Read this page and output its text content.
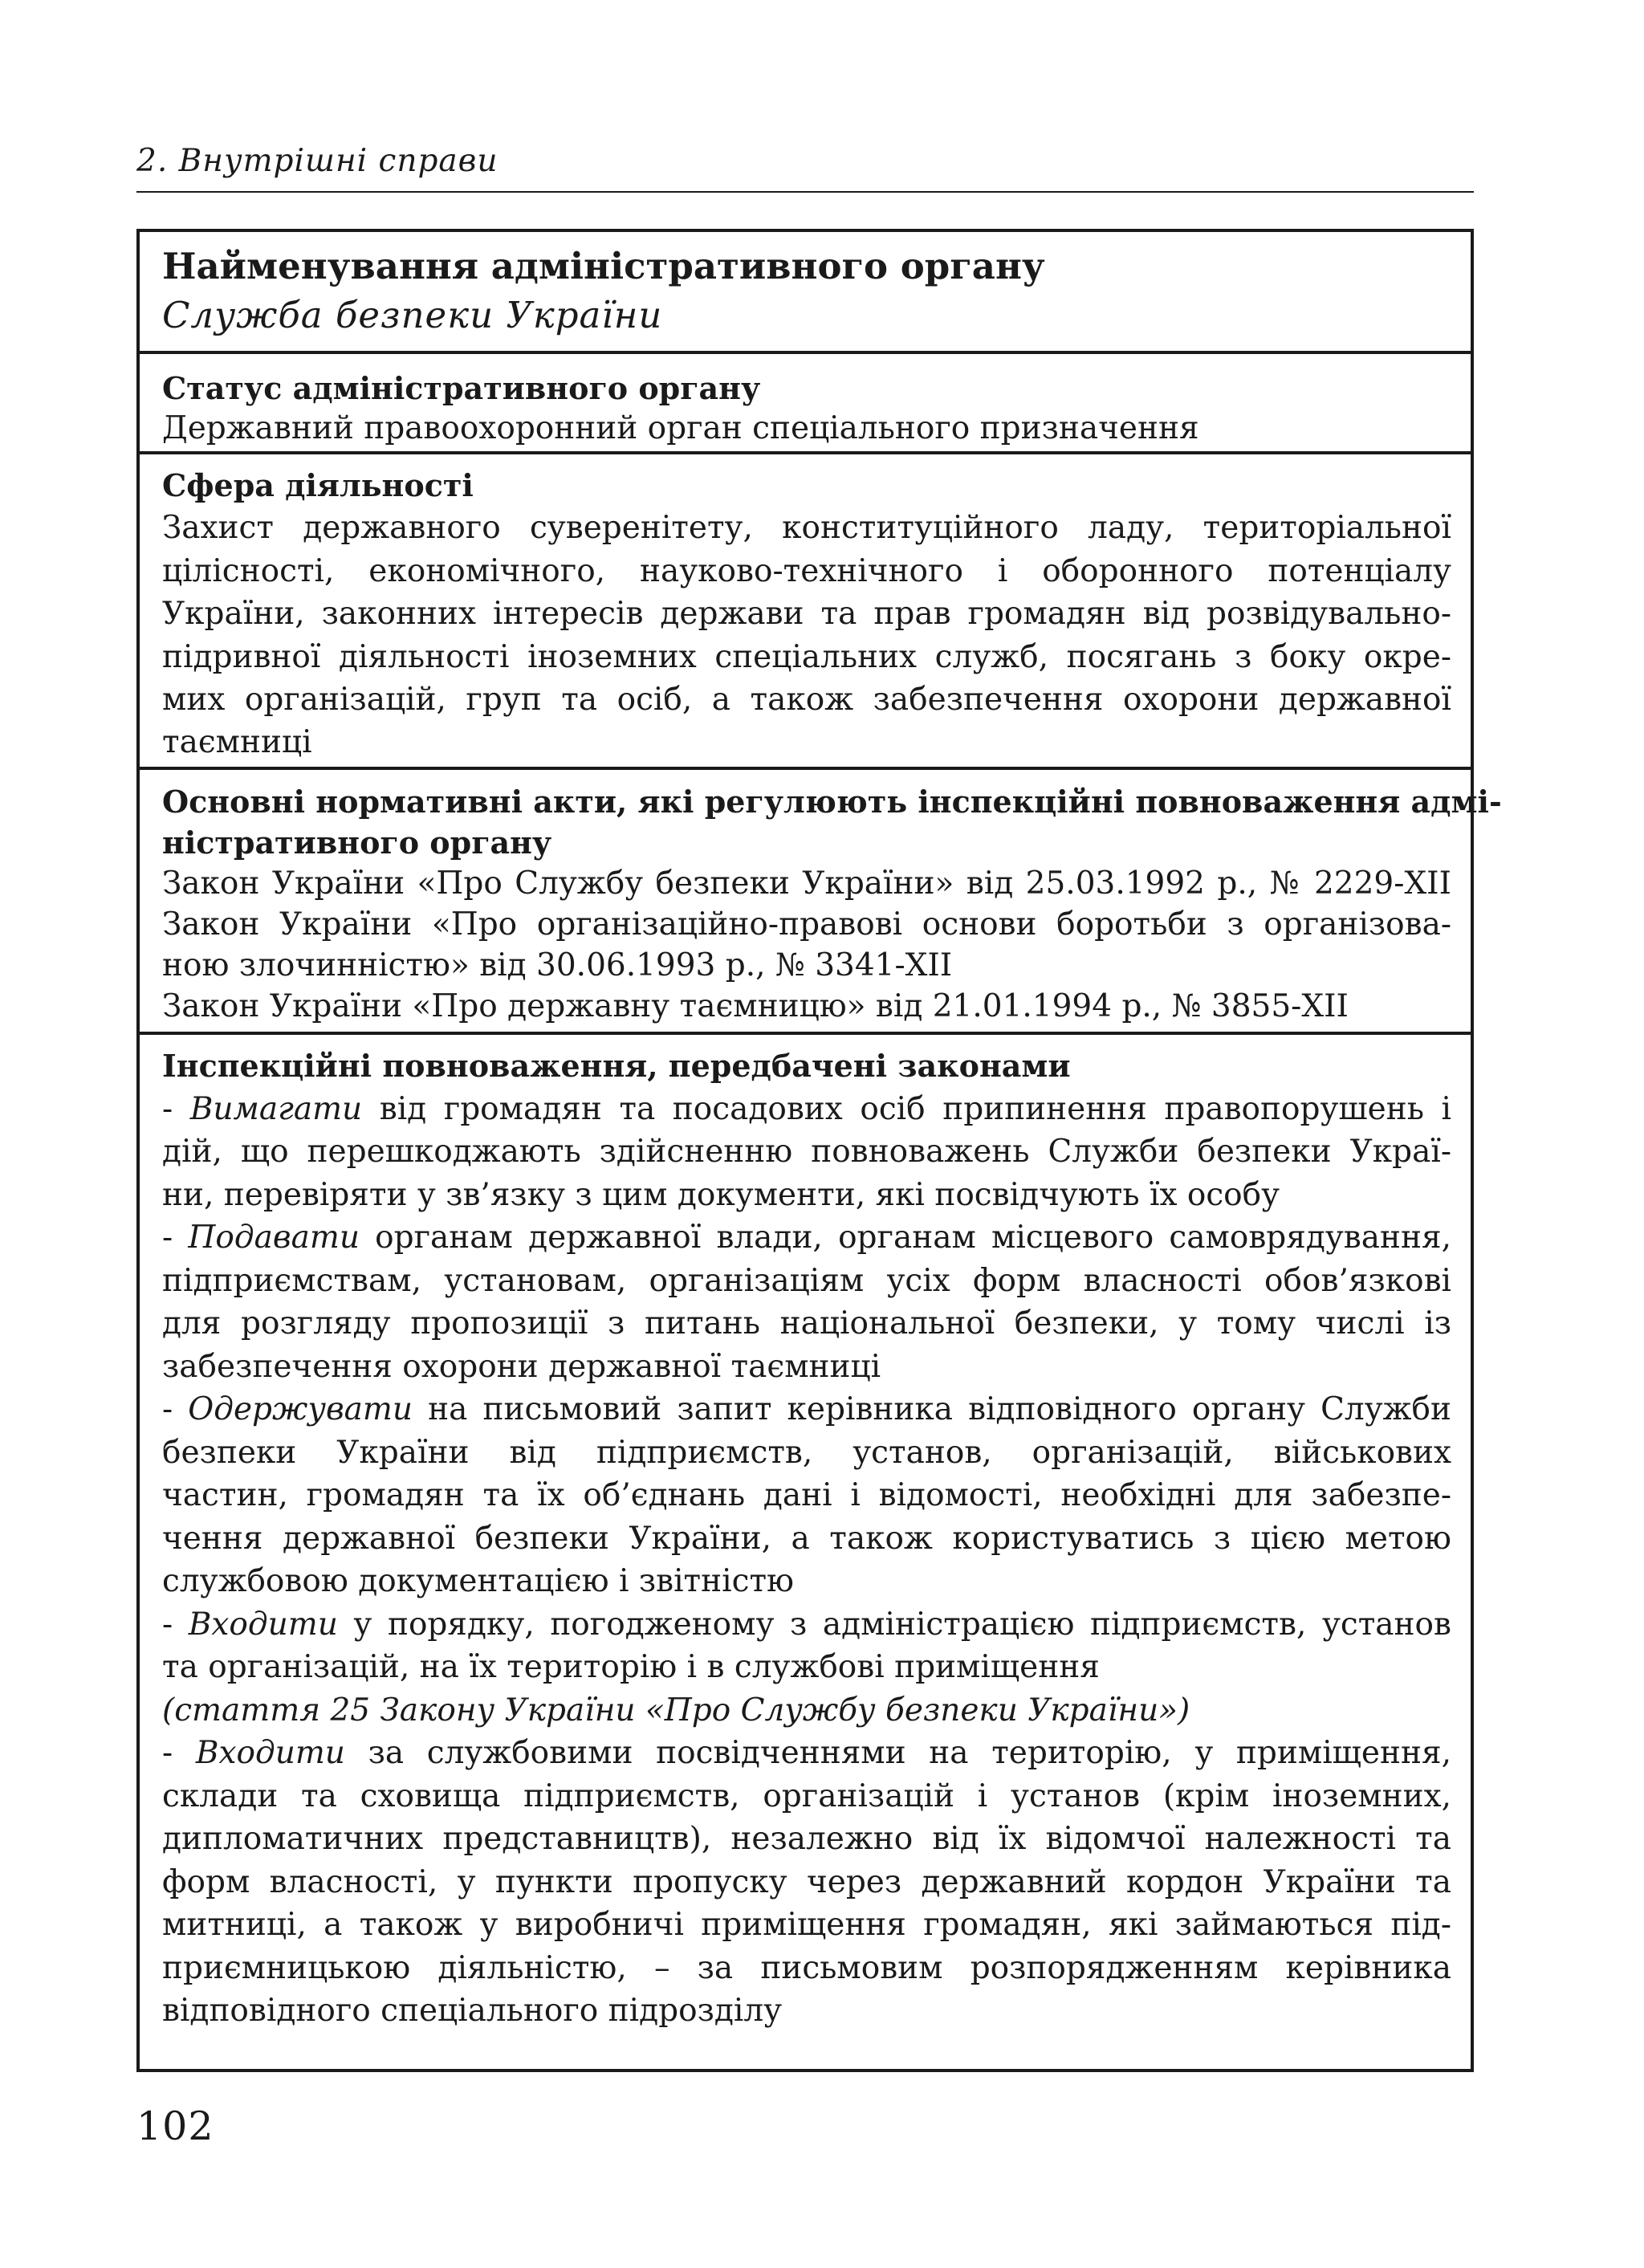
2. Внутрішні справи
Найменування адміністративного органу
Служба безпеки України
Статус адміністративного органу
Державний правоохоронний орган спеціального призначення
Сфера діяльності
Захист державного суверенітету, конституційного ладу, територіальної
цілісності, економічного, науково-технічного і оборонного потенціалу
України, законних інтересів держави та прав громадян від розвідувально-
підривної діяльності іноземних спеціальних служб, посягань з боку окре-
мих організацій, груп та осіб, а також забезпечення охорони державної
таємниці
Основні нормативні акти, які регулюють інспекційні повноваження адмі-
ністративного органу
Закон України «Про Службу безпеки України» від 25.03.1992 р., № 2229-XII
Закон України «Про організаційно-правові основи боротьби з організова-
ною злочинністю» від 30.06.1993 р., № 3341-XII
Закон України «Про державну таємницю» від 21.01.1994 р., № 3855-XII
Інспекційні повноваження, передбачені законами
- Вимагати від громадян та посадових осіб припинення правопорушень і
дій, що перешкоджають здійсненню повноважень Служби безпеки Украї-
ни, перевіряти у зв’язку з цим документи, які посвідчують їх особу
- Подавати органам державної влади, органам місцевого самоврядування,
підприємствам, установам, організаціям усіх форм власності обов’язкові
для розгляду пропозиції з питань національної безпеки, у тому числі із
забезпечення охорони державної таємниці
- Одержувати на письмовий запит керівника відповідного органу Служби
безпеки України від підприємств, установ, організацій, військових
частин, громадян та їх об’єднань дані і відомості, необхідні для забезпе-
чення державної безпеки України, а також користуватись з цією метою
службовою документацією і звітністю
- Входити у порядку, погодженому з адміністрацією підприємств, установ
та організацій, на їх територію і в службові приміщення
(стаття 25 Закону України «Про Службу безпеки України»)
- Входити за службовими посвідченнями на територію, у приміщення,
склади та сховища підприємств, організацій і установ (крім іноземних,
дипломатичних представництв), незалежно від їх відомчої належності та
форм власності, у пункти пропуску через державний кордон України та
митниці, а також у виробничі приміщення громадян, які займаються під-
приємницькою діяльністю, – за письмовим розпорядженням керівника
відповідного спеціального підрозділу
102
